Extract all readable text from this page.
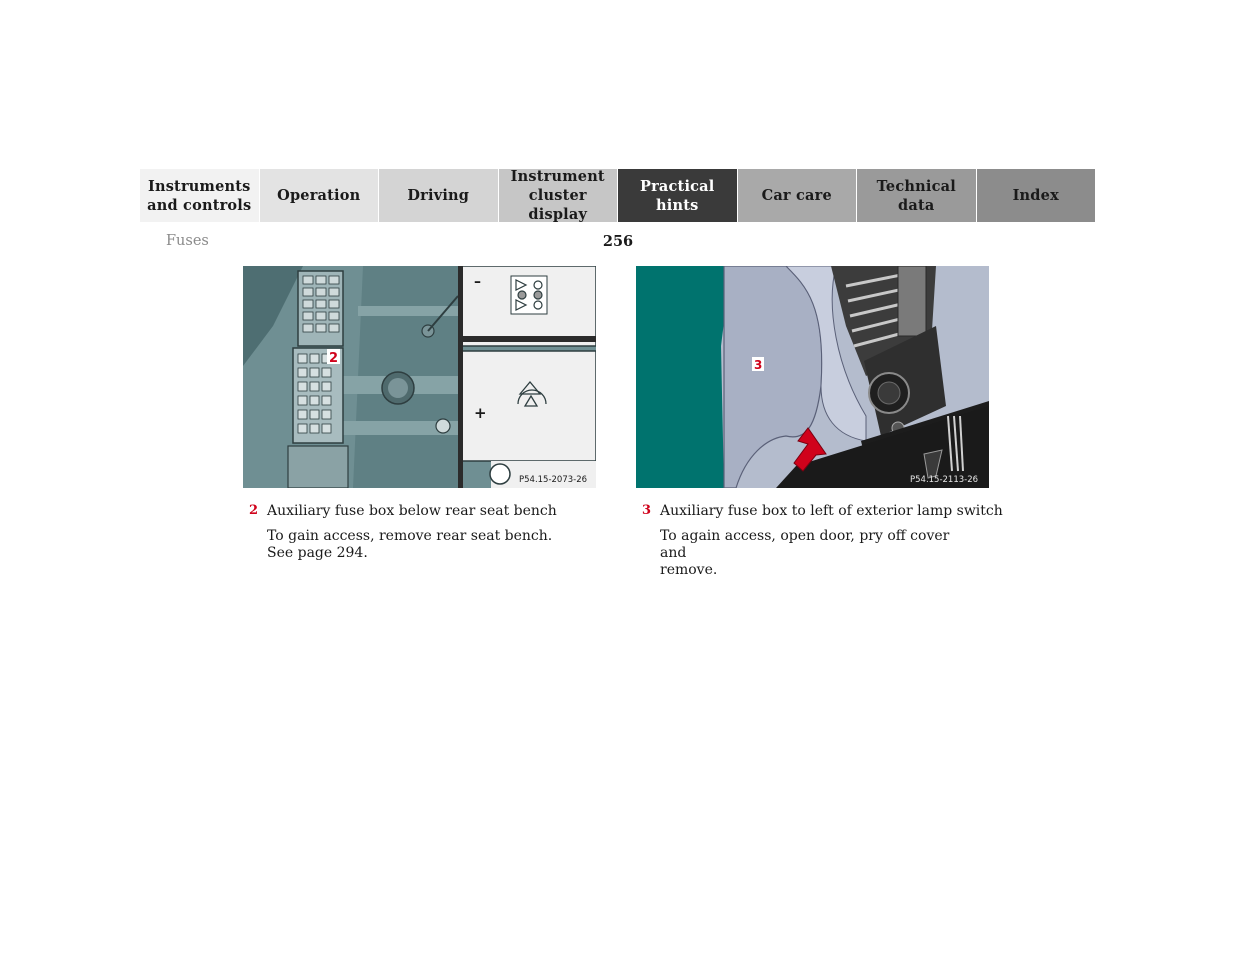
Instruments
and controls
Operation	Driving
Instrument
cluster display
Practical hints
Car care
Technical
data
Index
Fuses	256
–
+
2
P54.15-2073-26
3
P54.15-2113-26
2 Auxiliary fuse box below rear seat bench
To gain access, remove rear seat bench.
See page 294.
3 Auxiliary fuse box to left of exterior lamp switch
To again access, open door, pry off cover and
remove.
